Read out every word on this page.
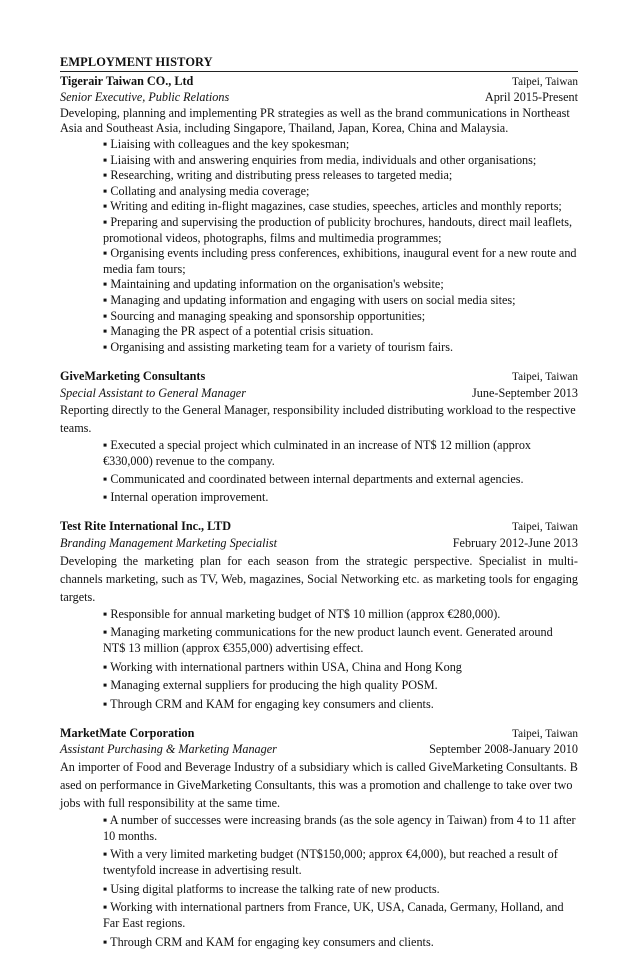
EMPLOYMENT HISTORY
Tigerair Taiwan CO., Ltd	Taipei, Taiwan
Senior Executive, Public Relations	April 2015-Present

Developing, planning and implementing PR strategies as well as the brand communications in Northeast Asia and Southeast Asia, including Singapore, Thailand, Japan, Korea, China and Malaysia.

▪ Liaising with colleagues and the key spokesman;
▪ Liaising with and answering enquiries from media, individuals and other organisations;
▪ Researching, writing and distributing press releases to targeted media;
▪ Collating and analysing media coverage;
▪ Writing and editing in-flight magazines, case studies, speeches, articles and monthly reports;
▪ Preparing and supervising the production of publicity brochures, handouts, direct mail leaflets, promotional videos, photographs, films and multimedia programmes;
▪ Organising events including press conferences, exhibitions, inaugural event for a new route and media fam tours;
▪ Maintaining and updating information on the organisation's website;
▪ Managing and updating information and engaging with users on social media sites;
▪ Sourcing and managing speaking and sponsorship opportunities;
▪ Managing the PR aspect of a potential crisis situation.
▪ Organising and assisting marketing team for a variety of tourism fairs.
GiveMarketing Consultants	Taipei, Taiwan
Special Assistant to General Manager	June-September 2013

Reporting directly to the General Manager, responsibility included distributing workload to the respective teams.

▪ Executed a special project which culminated in an increase of NT$ 12 million (approx €330,000) revenue to the company.
▪ Communicated and coordinated between internal departments and external agencies.
▪ Internal operation improvement.
Test Rite International Inc., LTD	Taipei, Taiwan
Branding Management Marketing Specialist	February 2012-June 2013

Developing the marketing plan for each season from the strategic perspective. Specialist in multi-channels marketing, such as TV, Web, magazines, Social Networking etc. as marketing tools for engaging targets.

▪ Responsible for annual marketing budget of NT$ 10 million (approx €280,000).
▪ Managing marketing communications for the new product launch event. Generated around NT$ 13 million (approx €355,000) advertising effect.
▪ Working with international partners within USA, China and Hong Kong
▪ Managing external suppliers for producing the high quality POSM.
▪ Through CRM and KAM for engaging key consumers and clients.
MarketMate Corporation	Taipei, Taiwan
Assistant Purchasing & Marketing Manager	September 2008-January 2010

An importer of Food and Beverage Industry of a subsidiary which is called GiveMarketing Consultants. Based on performance in GiveMarketing Consultants, this was a promotion and challenge to take over two jobs with full responsibility at the same time.

▪ A number of successes were increasing brands (as the sole agency in Taiwan) from 4 to 11 after 10 months.
▪ With a very limited marketing budget (NT$150,000; approx €4,000), but reached a result of twentyfold increase in advertising result.
▪ Using digital platforms to increase the talking rate of new products.
▪ Working with international partners from France, UK, USA, Canada, Germany, Holland, and Far East regions.
▪ Through CRM and KAM for engaging key consumers and clients.
